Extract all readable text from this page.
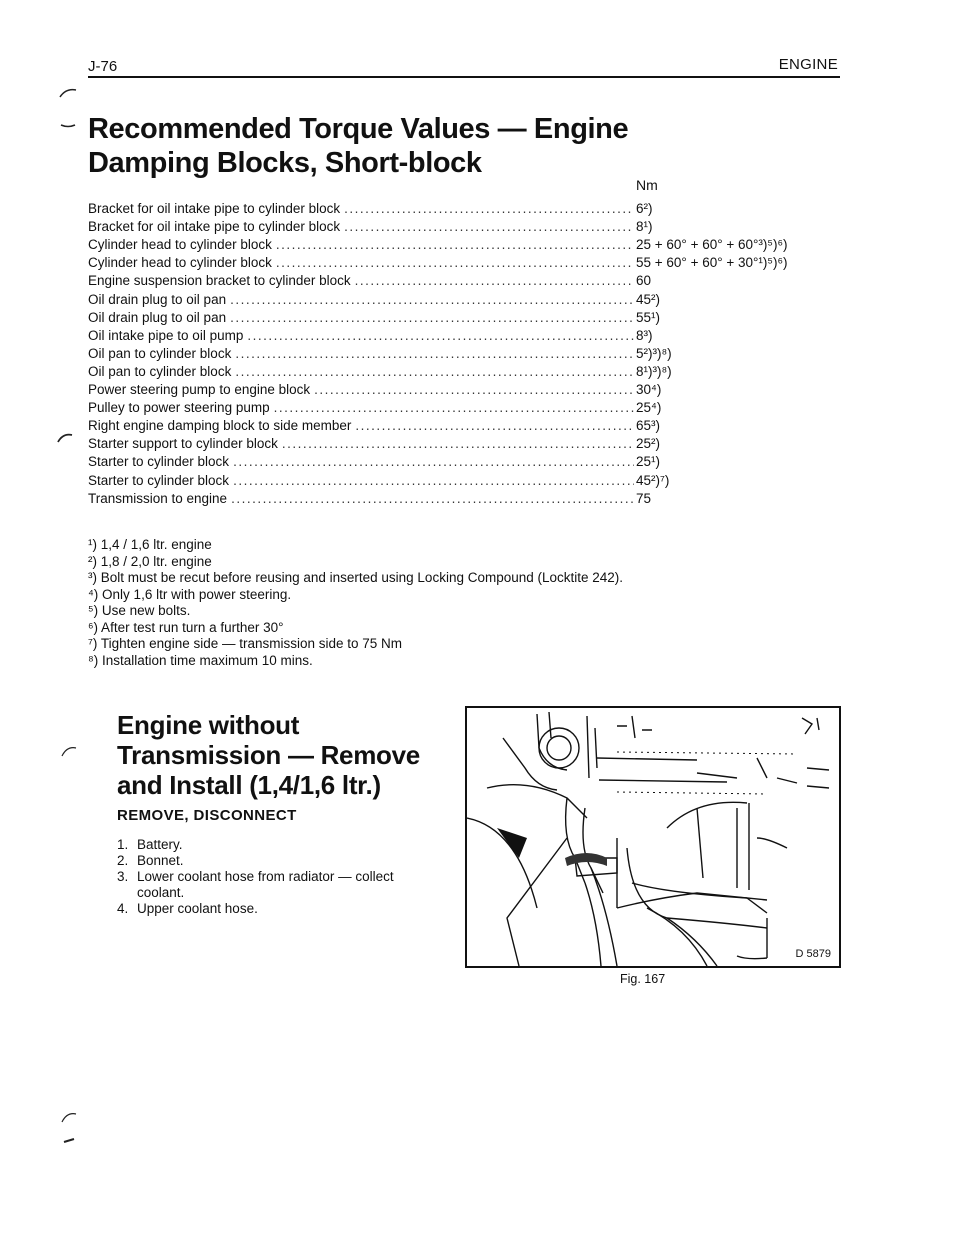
J-76	ENGINE
Recommended Torque Values — Engine Damping Blocks, Short-block
Nm
Bracket for oil intake pipe to cylinder block .....	6²)
Bracket for oil intake pipe to cylinder block .....	8¹)
Cylinder head to cylinder block .....	25 + 60° + 60° + 60°³)⁵)⁶)
Cylinder head to cylinder block .....	55 + 60° + 60° + 30°¹)⁵)⁶)
Engine suspension bracket to cylinder block .....	60
Oil drain plug to oil pan .....	45²)
Oil drain plug to oil pan .....	55¹)
Oil intake pipe to oil pump .....	8³)
Oil pan to cylinder block .....	5²)³)⁸)
Oil pan to cylinder block .....	8¹)³)⁸)
Power steering pump to engine block .....	30⁴)
Pulley to power steering pump .....	25⁴)
Right engine damping block to side member .....	65³)
Starter support to cylinder block .....	25²)
Starter to cylinder block .....	25¹)
Starter to cylinder block .....	45²)⁷)
Transmission to engine .....	75
¹) 1,4 / 1,6 ltr. engine
²) 1,8 / 2,0 ltr. engine
³) Bolt must be recut before reusing and inserted using Locking Compound (Locktite 242).
⁴) Only 1,6 ltr with power steering.
⁵) Use new bolts.
⁶) After test run turn a further 30°
⁷) Tighten engine side — transmission side to 75 Nm
⁸) Installation time maximum 10 mins.
Engine without Transmission — Remove and Install (1,4/1,6 ltr.)
REMOVE, DISCONNECT
1. Battery.
2. Bonnet.
3. Lower coolant hose from radiator — collect coolant.
4. Upper coolant hose.
D 5879
Fig. 167
